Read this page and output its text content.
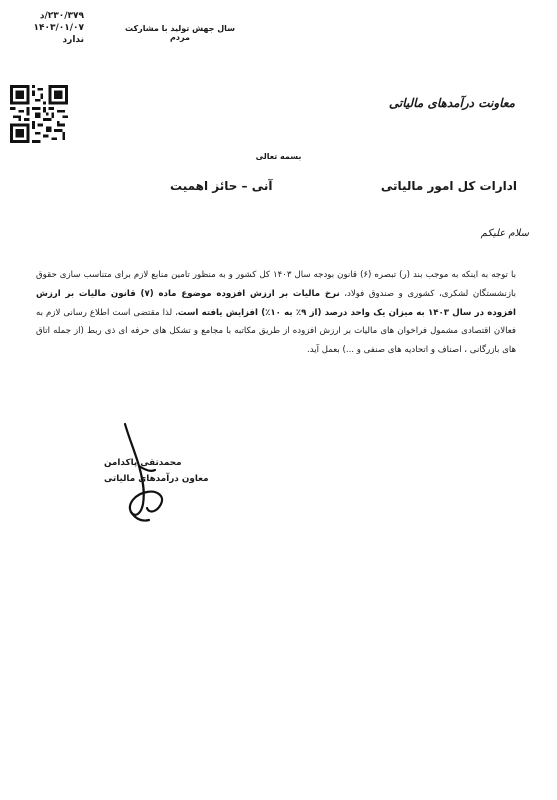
۲۳۰/۳۷۹/د
۱۴۰۳/۰۱/۰۷
ندارد
سال جهش تولید با مشارکت مردم
معاونت درآمدهای مالیاتی
بسمه تعالی
ادارات کل امور مالیاتی
آنی – حائز اهمیت
سلام علیکم
با توجه به اینکه به موجب بند (ر) تبصره (۶) قانون بودجه سال ۱۴۰۳ کل کشور و به منظور تامین منابع لازم برای متناسب سازی حقوق بازنشستگان لشکری، کشوری و صندوق فولاد، نرخ مالیات بر ارزش افزوده موضوع ماده (۷) قانون مالیات بر ارزش افزوده در سال ۱۴۰۳ به میزان یک واحد درصد (از ۹٪ به ۱۰٪) افزایش یافته است، لذا مقتضی است اطلاع رسانی لازم به فعالان اقتصادی مشمول فراخوان های مالیات بر ارزش افزوده از طریق مکاتبه با مجامع و تشکل های حرفه ای ذی ربط (از جمله اتاق های بازرگانی ، اصناف و اتحادیه های صنفی و ...) بعمل آید.
محمدتقی پاکدامن
معاون درآمدهای مالیاتی
